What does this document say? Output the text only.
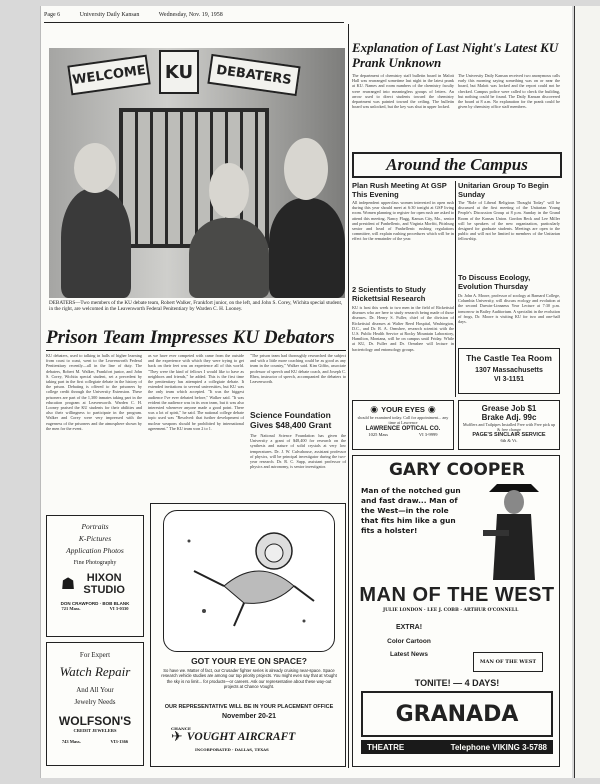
Page 6	University Daily Kansan	Wednesday, Nov. 19, 1958
WELCOME	KU	DEBATERS
DEBATERS—Two members of the KU debate team, Robert Walker, Frankfort junior, on the left, and John S. Corey, Wichita special student, in the right, are welcomed in the Leavenworth Federal Penitentiary by Warden C. H. Looney.
Prison Team Impresses KU Debators
KU debaters, used to talking in halls of higher learning from coast to coast, went to the Leavenworth Federal Penitentiary recently—all in the line of duty. The debaters, Robert M. Walker, Frankfort junior, and John S. Corey, Wichita special student, set a precedent by taking part in the first collegiate debate in the history of the prison. Debating is offered to the prisoners by college credit through the University Extension. These prisoners are part of the 1,300 inmates taking part in the education program at Leavenworth. Warden C. H. Looney praised the KU students for their abilities and also their willingness to participate in the program. Walker and Corey were very impressed with the eagerness of the prisoners and the atmosphere shown by the men for the event.
as we have ever competed with came from the outside and the experience with which they were trying to get back on their feet was an experience all of this world. "They were the kind of fellows I would like to have as neighbors and friends," he added. This is the first time the penitentiary has attempted a collegiate debate. It extended invitations to several universities, but KU was the only team which accepted. "It was the biggest audience I've ever debated before," Walker said. "It was evident the audience was in its own team, but it was also interested whenever anyone made a good point. There was a lot of spirit," he said. The national college debate topic used was "Resolved: that further development of nuclear weapons should be prohibited by international agreement." The KU team won 2 to 1.
"The prison team had thoroughly researched the subject and with a little more coaching could be as good as any team in the country," Walker said. Kim Giffin, associate professor of speech and KU debate coach, and Joseph C. Rhea, instructor of speech, accompanied the debaters to Leavenworth.
Science Foundation Gives $48,400 Grant
The National Science Foundation has given the University a grant of $48,400 for research on the synthesis and nature of solid crystals at very low temperatures. Dr. J. W. Culvahouse, assistant professor of physics, will be principal investigator during the two-year research. Dr. R. C. Sapp, assistant professor of physics and astronomy, is senior investigator.
Explanation of Last Night's Latest KU Prank Unknown
The department of chemistry staff bulletin board in Malott Hall was rearranged sometime last night in the latest prank at KU. Names and room numbers of the chemistry faculty were rearranged into meaningless groups of letters. An arrow used to direct students toward the chemistry department was painted toward the ceiling. The bulletin board was unlocked, but the key was shut in upper locked.
The University Daily Kansan received two anonymous calls early this morning saying something was on or near the board, but Malott was locked and the report could not be checked. Campus police were called to check the building, but nothing could be found. The Daily Kansan discovered the board at 8 a.m. No explanation for the prank could be given by chemistry office staff members.
Around the Campus
Plan Rush Meeting At GSP This Evening
All independent upperclass women interested in open rush during this year should meet at 6:30 tonight at GSP living room. Women planning to register for open rush are asked to attend this meeting. Nancy Flagg, Kansas City, Mo., senior and president of Panhellenic, and Virginia Morfitt, Pittsburg senior and head of Panhellenic rushing regulations committee, will explain rushing procedures which will be in effect for the remainder of the year.
Unitarian Group To Begin Sunday
The "Role of Liberal Religious Thought Today" will be discussed at the first meeting of the Unitarian Young People's Discussion Group at 8 p.m. Sunday in the Grand Room of the Kansas Union. Gordon Beck and Lee Miller will be speakers of the new organization, particularly designed for graduate students. Meetings are open to the public and will not be limited to members of the Unitarian fellowship.
2 Scientists to Study Rickettsial Research
KU is host this week to two men in the field of Rickettsial diseases who are here to study research being made of those diseases. Dr. Henry S. Fuller, chief of the division of Rickettsial diseases at Walter Reed Hospital, Washington, D.C., and Dr. R. A. Ormsbee, research scientist with the U.S. Public Health Service at Rocky Mountain Laboratory, Hamilton, Montana, will be on campus until Friday. While at KU, Dr. Fuller and Dr. Ormsbee will lecture in bacteriology and entomology groups.
To Discuss Ecology, Evolution Thursday
Dr. John A. Moore, professor of zoology at Barnard College, Columbia University, will discuss ecology and evolution at the second Darwin-Linnaeus Year Lecture at 7:30 p.m. tomorrow in Bailey Auditorium. A specialist in the evolution of frogs, Dr. Moore is visiting KU for two and one-half days.
The Castle Tea Room
1307 Massachusetts
VI 3-1151
◉ YOUR EYES ◉
should be examined today. Call for appointment... any time at Lawrence
LAWRENCE OPTICAL CO.
1025 Mass	VI 3-9999
Grease Job $1
Brake Adj. 99c
Mufflers and Tailpipes Installed Free with Free pick up & free change
PAGE'S SINCLAIR SERVICE
6th & Vt.
Portraits
K-Pictures
Application Photos
Fine Photography
☗	HIXON STUDIO
DON CRAWFORD · BOB BLANK
721 Mass.	VI 3-0330
For Expert
Watch Repair
And All Your
Jewelry Needs
WOLFSON'S
CREDIT JEWELERS
743 Mass.	VI3-1366
GOT YOUR EYE ON SPACE?
So have we. Matter of fact, our Crusader fighter series is already cruising near-space. Space research vehicle studies are among our top priority projects. You might even say that at Vought the sky is no limit... for products—or careers. Ask our representative about these way-out projects at Chance Vought.
OUR REPRESENTATIVE WILL BE IN YOUR PLACEMENT OFFICE
November 20-21
CHANCE
✈ VOUGHT AIRCRAFT
INCORPORATED · DALLAS, TEXAS
GARY COOPER
Man of the notched gun and fast draw... Man of the West—in the role that fits him like a gun fits a holster!
MAN OF THE WEST
JULIE LONDON · LEE J. COBB · ARTHUR O'CONNELL
EXTRA!
Color Cartoon
Latest News
MAN OF THE WEST
TONITE! — 4 DAYS!
GRANADA
THEATRE	Telephone VIKING 3-5788
